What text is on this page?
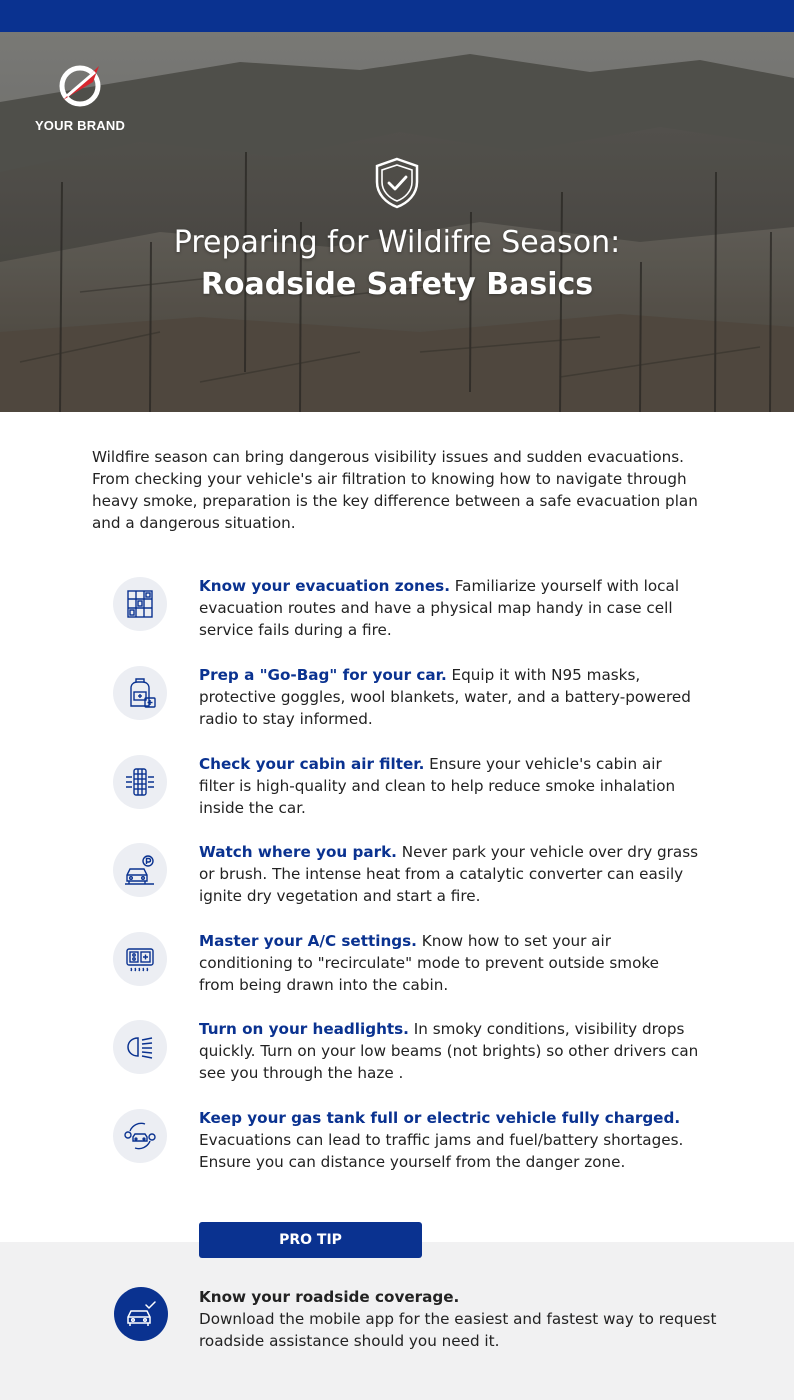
YOUR BRAND
Preparing for Wildifre Season:
Roadside Safety Basics

Wildfire season can bring dangerous visibility issues and sudden evacuations. From checking your vehicle's air filtration to knowing how to navigate through heavy smoke, preparation is the key difference between a safe evacuation plan and a dangerous situation.

Know your evacuation zones. Familiarize yourself with local evacuation routes and have a physical map handy in case cell service fails during a fire.

Prep a "Go-Bag" for your car. Equip it with N95 masks, protective goggles, wool blankets, water, and a battery-powered radio to stay informed.

Check your cabin air filter. Ensure your vehicle's cabin air filter is high-quality and clean to help reduce smoke inhalation inside the car.

Watch where you park. Never park your vehicle over dry grass or brush. The intense heat from a catalytic converter can easily ignite dry vegetation and start a fire.

Master your A/C settings. Know how to set your air conditioning to "recirculate" mode to prevent outside smoke from being drawn into the cabin.

Turn on your headlights. In smoky conditions, visibility drops quickly. Turn on your low beams (not brights) so other drivers can see you through the haze .

Keep your gas tank full or electric vehicle fully charged. Evacuations can lead to traffic jams and fuel/battery shortages. Ensure you can distance yourself from the danger zone.

PRO TIP

Know your roadside coverage.
Download the mobile app for the easiest and fastest way to request roadside assistance should you need it.
